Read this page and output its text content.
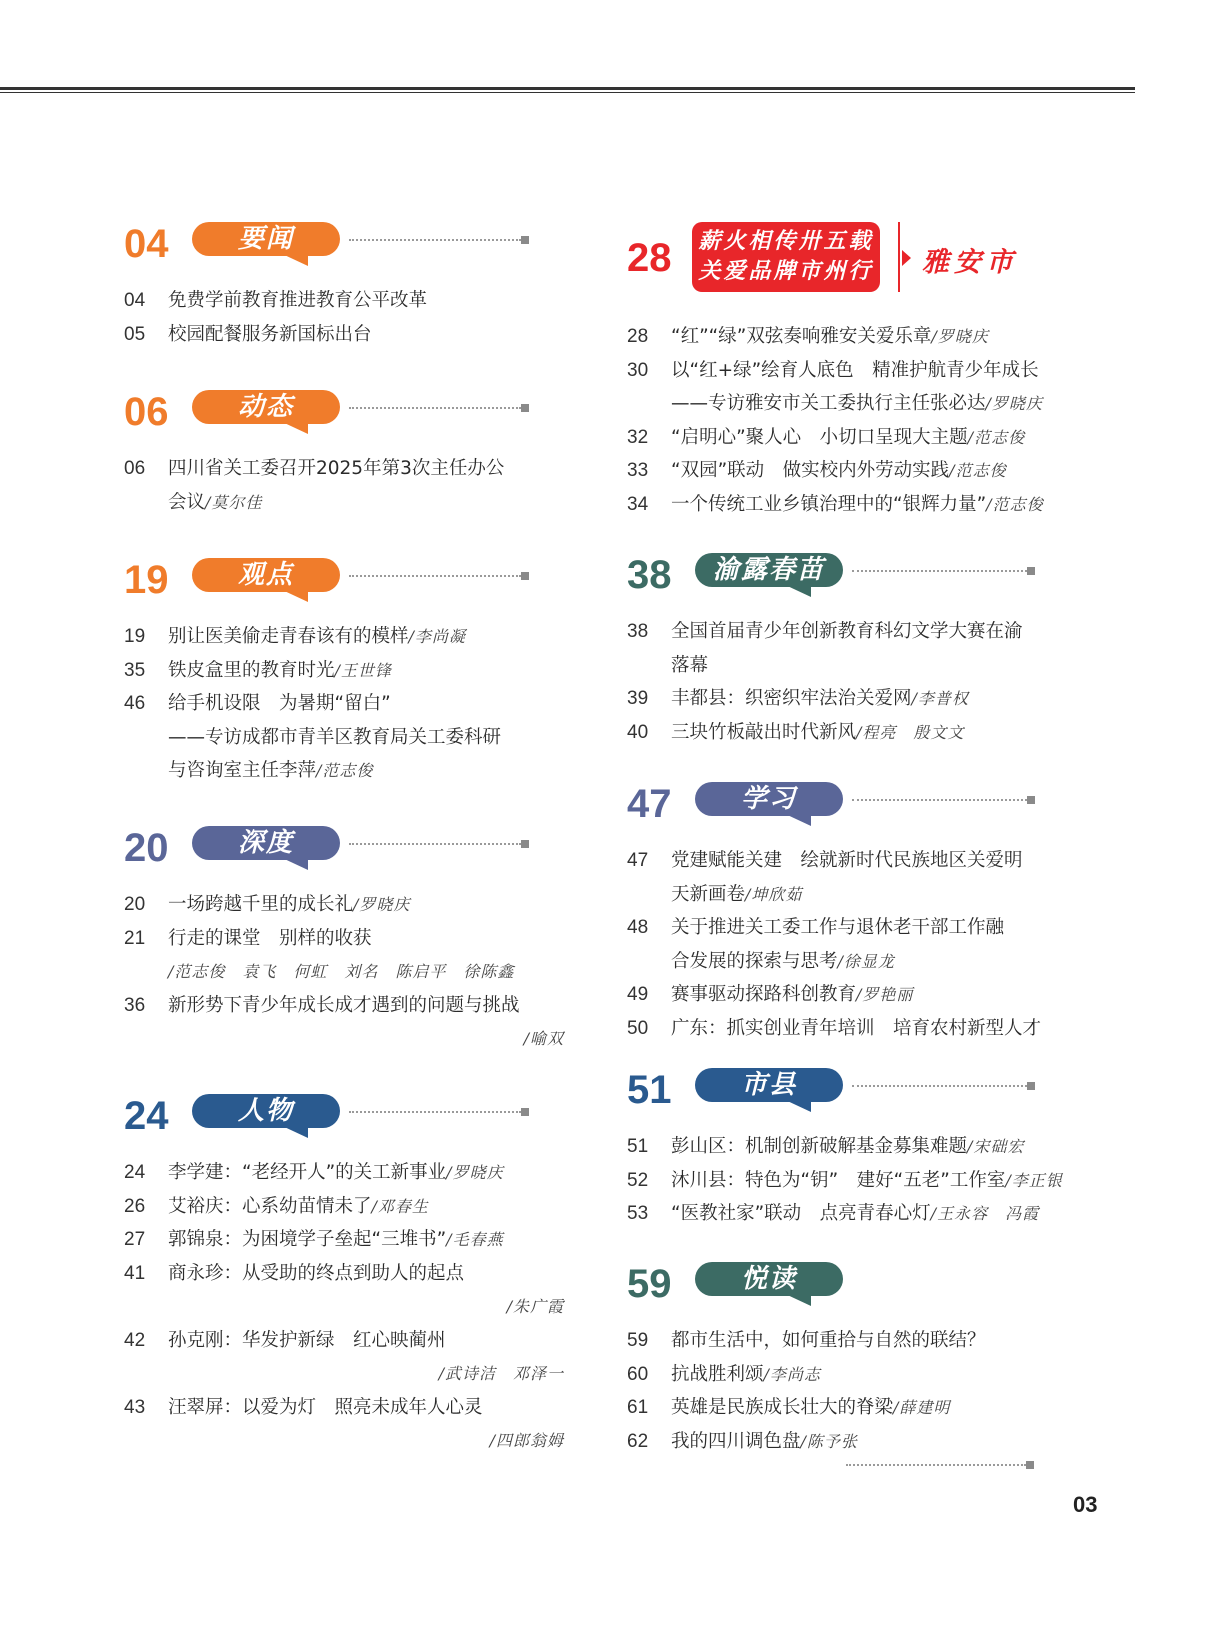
04	要闻
04 免费学前教育推进教育公平改革
05 校园配餐服务新国标出台
06	动态
06 四川省关工委召开2025年第3次主任办公
会议/莫尔佳
19	观点
19 别让医美偷走青春该有的模样/李尚凝
35 铁皮盒里的教育时光/王世锋
46 给手机设限　为暑期“留白”
——专访成都市青羊区教育局关工委科研
与咨询室主任李萍/范志俊
20	深度
20 一场跨越千里的成长礼/罗晓庆
21 行走的课堂　别样的收获
/范志俊　袁飞　何虹　刘名　陈启平　徐陈鑫
36 新形势下青少年成长成才遇到的问题与挑战
/喻双
24	人物
24 李学建：“老经开人”的关工新事业/罗晓庆
26 艾裕庆：心系幼苗情未了/邓春生
27 郭锦泉：为困境学子垒起“三堆书”/毛春燕
41 商永珍：从受助的终点到助人的起点
/朱广霞
42 孙克刚：华发护新绿　红心映蔺州
/武诗洁　邓泽一
43 汪翠屏：以爱为灯　照亮未成年人心灵
/四郎翁姆
28
28 “红”“绿”双弦奏响雅安关爱乐章/罗晓庆
30 以“红+绿”绘育人底色　精准护航青少年成长
——专访雅安市关工委执行主任张必达/罗晓庆
32 “启明心”聚人心　小切口呈现大主题/范志俊
33 “双园”联动　做实校内外劳动实践/范志俊
34 一个传统工业乡镇治理中的“银辉力量”/范志俊
38	渝露春苗
38 全国首届青少年创新教育科幻文学大赛在渝
落幕
39 丰都县：织密织牢法治关爱网/李普权
40 三块竹板敲出时代新风/程亮　殷文文
47	学习
47 党建赋能关建　绘就新时代民族地区关爱明
天新画卷/坤欣茹
48 关于推进关工委工作与退休老干部工作融
合发展的探索与思考/徐显龙
49 赛事驱动探路科创教育/罗艳丽
50 广东：抓实创业青年培训　培育农村新型人才
51	市县
51 彭山区：机制创新破解基金募集难题/宋础宏
52 沐川县：特色为“钥”　建好“五老”工作室/李正银
53 “医教社家”联动　点亮青春心灯/王永容　冯霞
59	悦读
59 都市生活中，如何重拾与自然的联结？
60 抗战胜利颂/李尚志
61 英雄是民族成长壮大的脊梁/薛建明
62 我的四川调色盘/陈予张
薪火相传卅五载
关爱品牌市州行 雅安市
03
